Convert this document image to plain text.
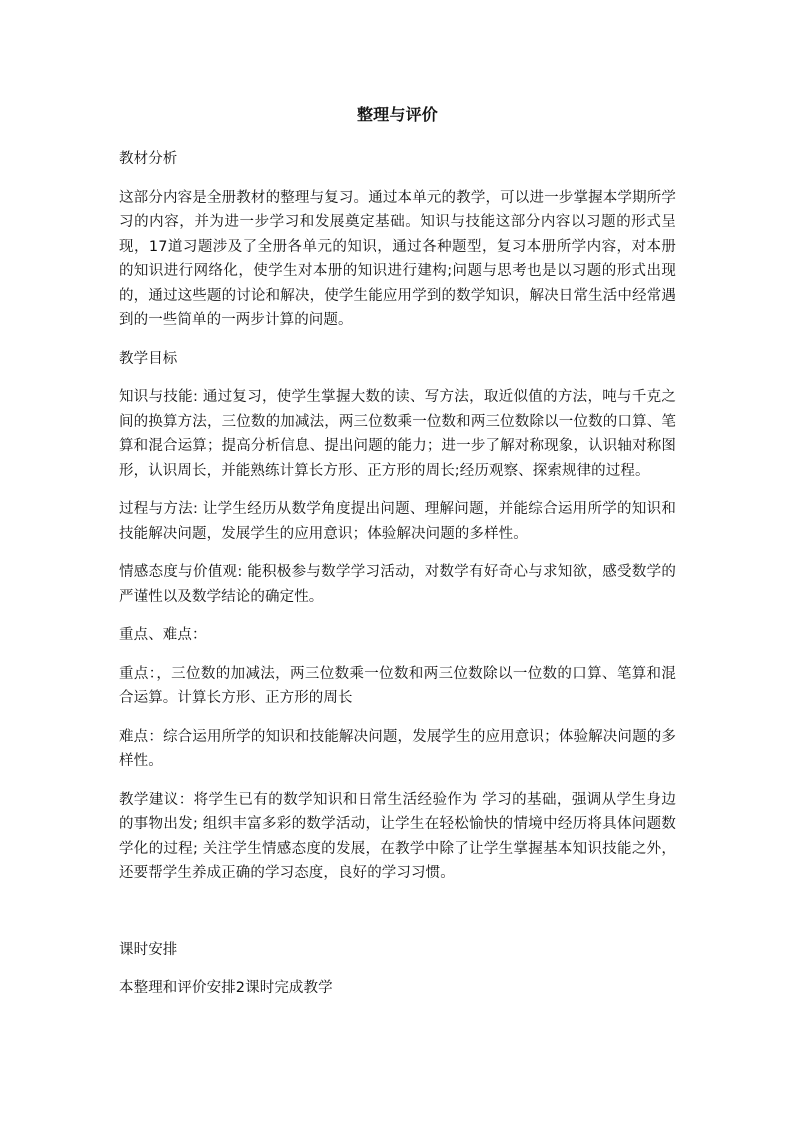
整理与评价
教材分析
这部分内容是全册教材的整理与复习。通过本单元的教学，可以进一步掌握本学期所学习的内容，并为进一步学习和发展奠定基础。知识与技能这部分内容以习题的形式呈现，17道习题涉及了全册各单元的知识，通过各种题型，复习本册所学内容，对本册的知识进行网络化，使学生对本册的知识进行建构;问题与思考也是以习题的形式出现的，通过这些题的讨论和解决，使学生能应用学到的数学知识，解决日常生活中经常遇到的一些简单的一两步计算的问题。
教学目标
知识与技能: 通过复习，使学生掌握大数的读、写方法，取近似值的方法，吨与千克之间的换算方法，三位数的加减法，两三位数乘一位数和两三位数除以一位数的口算、笔算和混合运算；提高分析信息、提出问题的能力；进一步了解对称现象，认识轴对称图形，认识周长，并能熟练计算长方形、正方形的周长;经历观察、探索规律的过程。
过程与方法: 让学生经历从数学角度提出问题、理解问题，并能综合运用所学的知识和技能解决问题，发展学生的应用意识；体验解决问题的多样性。
情感态度与价值观: 能积极参与数学学习活动，对数学有好奇心与求知欲，感受数学的严谨性以及数学结论的确定性。
重点、难点：
重点：，三位数的加减法，两三位数乘一位数和两三位数除以一位数的口算、笔算和混合运算。计算长方形、正方形的周长
难点：综合运用所学的知识和技能解决问题，发展学生的应用意识；体验解决问题的多样性。
教学建议：将学生已有的数学知识和日常生活经验作为 学习的基础，强调从学生身边的事物出发; 组织丰富多彩的数学活动，让学生在轻松愉快的情境中经历将具体问题数学化的过程; 关注学生情感态度的发展，在教学中除了让学生掌握基本知识技能之外，还要帮学生养成正确的学习态度，良好的学习习惯。
课时安排
本整理和评价安排2课时完成教学
